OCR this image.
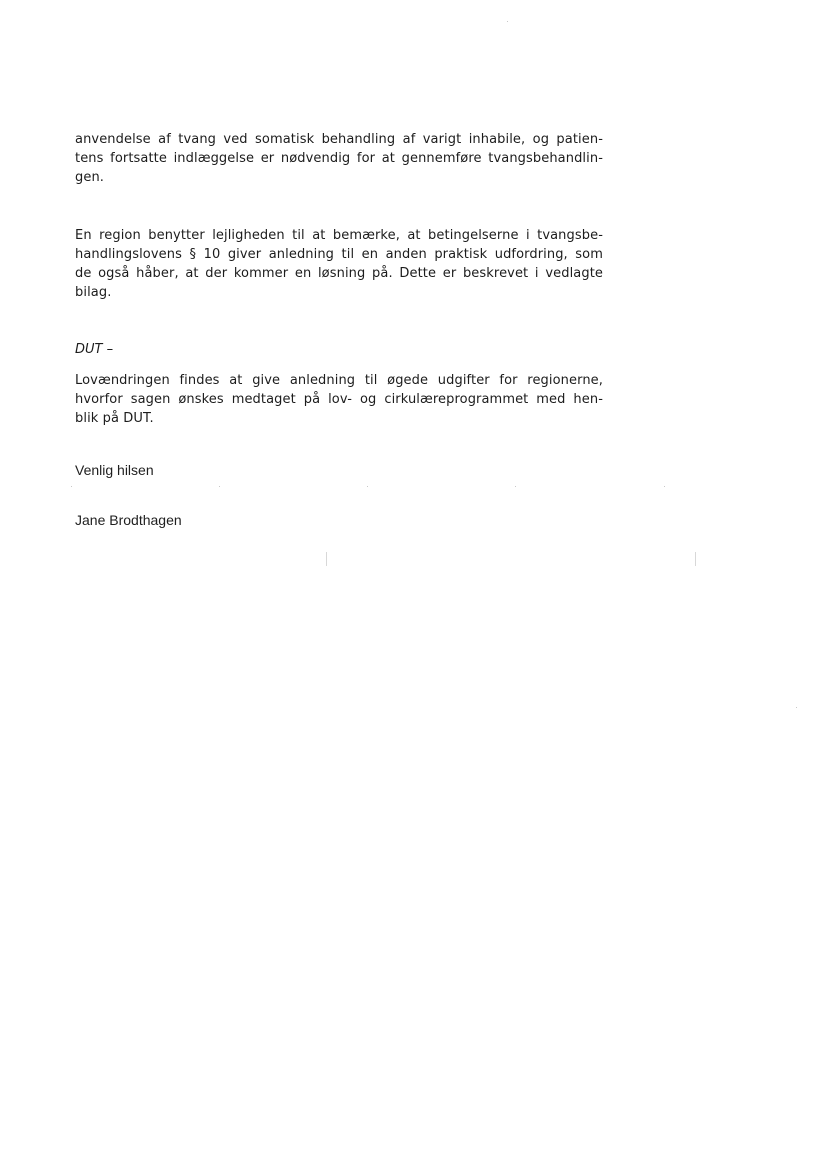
anvendelse af tvang ved somatisk behandling af varigt inhabile, og patien-
tens fortsatte indlæggelse er nødvendig for at gennemføre tvangsbehandlin-
gen.
En region benytter lejligheden til at bemærke, at betingelserne i tvangsbe-
handlingslovens § 10 giver anledning til en anden praktisk udfordring, som
de også håber, at der kommer en løsning på. Dette er beskrevet i vedlagte
bilag.
DUT –
Lovændringen findes at give anledning til øgede udgifter for regionerne,
hvorfor sagen ønskes medtaget på lov- og cirkulæreprogrammet med hen-
blik på DUT.
Venlig hilsen
Jane Brodthagen
